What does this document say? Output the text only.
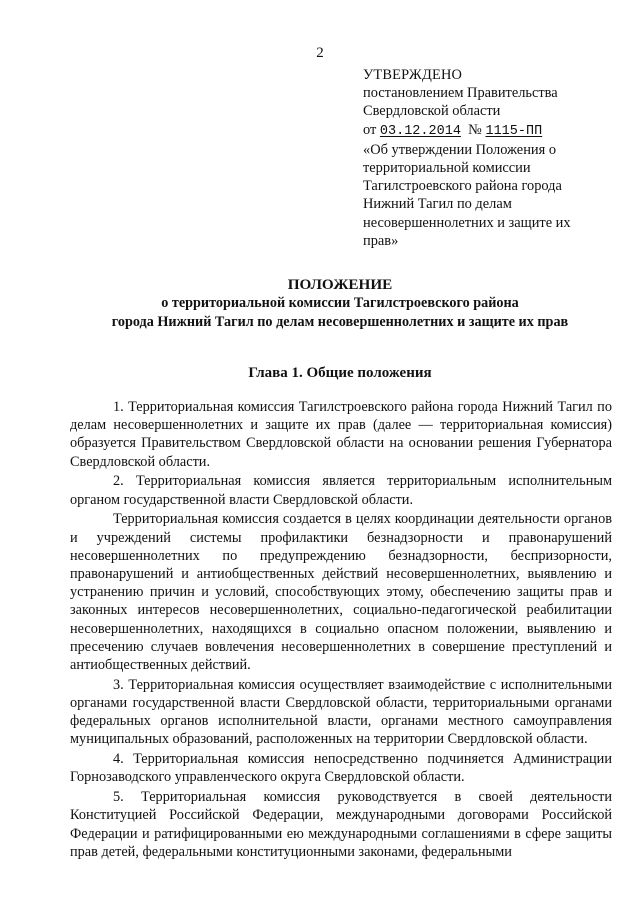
2
УТВЕРЖДЕНО
постановлением Правительства
Свердловской области
от 03.12.2014 № 1115-ПП
«Об утверждении Положения о
территориальной комиссии
Тагилстроевского района города
Нижний Тагил по делам
несовершеннолетних и защите их
прав»
ПОЛОЖЕНИЕ
о территориальной комиссии Тагилстроевского района
города Нижний Тагил по делам несовершеннолетних и защите их прав
Глава 1. Общие положения

1. Территориальная комиссия Тагилстроевского района города Нижний Тагил по делам несовершеннолетних и защите их прав (далее — территориальная комиссия) образуется Правительством Свердловской области на основании решения Губернатора Свердловской области.

2. Территориальная комиссия является территориальным исполнительным органом государственной власти Свердловской области.

Территориальная комиссия создается в целях координации деятельности органов и учреждений системы профилактики безнадзорности и правонарушений несовершеннолетних по предупреждению безнадзорности, беспризорности, правонарушений и антиобщественных действий несовершеннолетних, выявлению и устранению причин и условий, способствующих этому, обеспечению защиты прав и законных интересов несовершеннолетних, социально-педагогической реабилитации несовершеннолетних, находящихся в социально опасном положении, выявлению и пресечению случаев вовлечения несовершеннолетних в совершение преступлений и антиобщественных действий.

3. Территориальная комиссия осуществляет взаимодействие с исполнительными органами государственной власти Свердловской области, территориальными органами федеральных органов исполнительной власти, органами местного самоуправления муниципальных образований, расположенных на территории Свердловской области.

4. Территориальная комиссия непосредственно подчиняется Администрации Горнозаводского управленческого округа Свердловской области.

5. Территориальная комиссия руководствуется в своей деятельности Конституцией Российской Федерации, международными договорами Российской Федерации и ратифицированными ею международными соглашениями в сфере защиты прав детей, федеральными конституционными законами, федеральными
